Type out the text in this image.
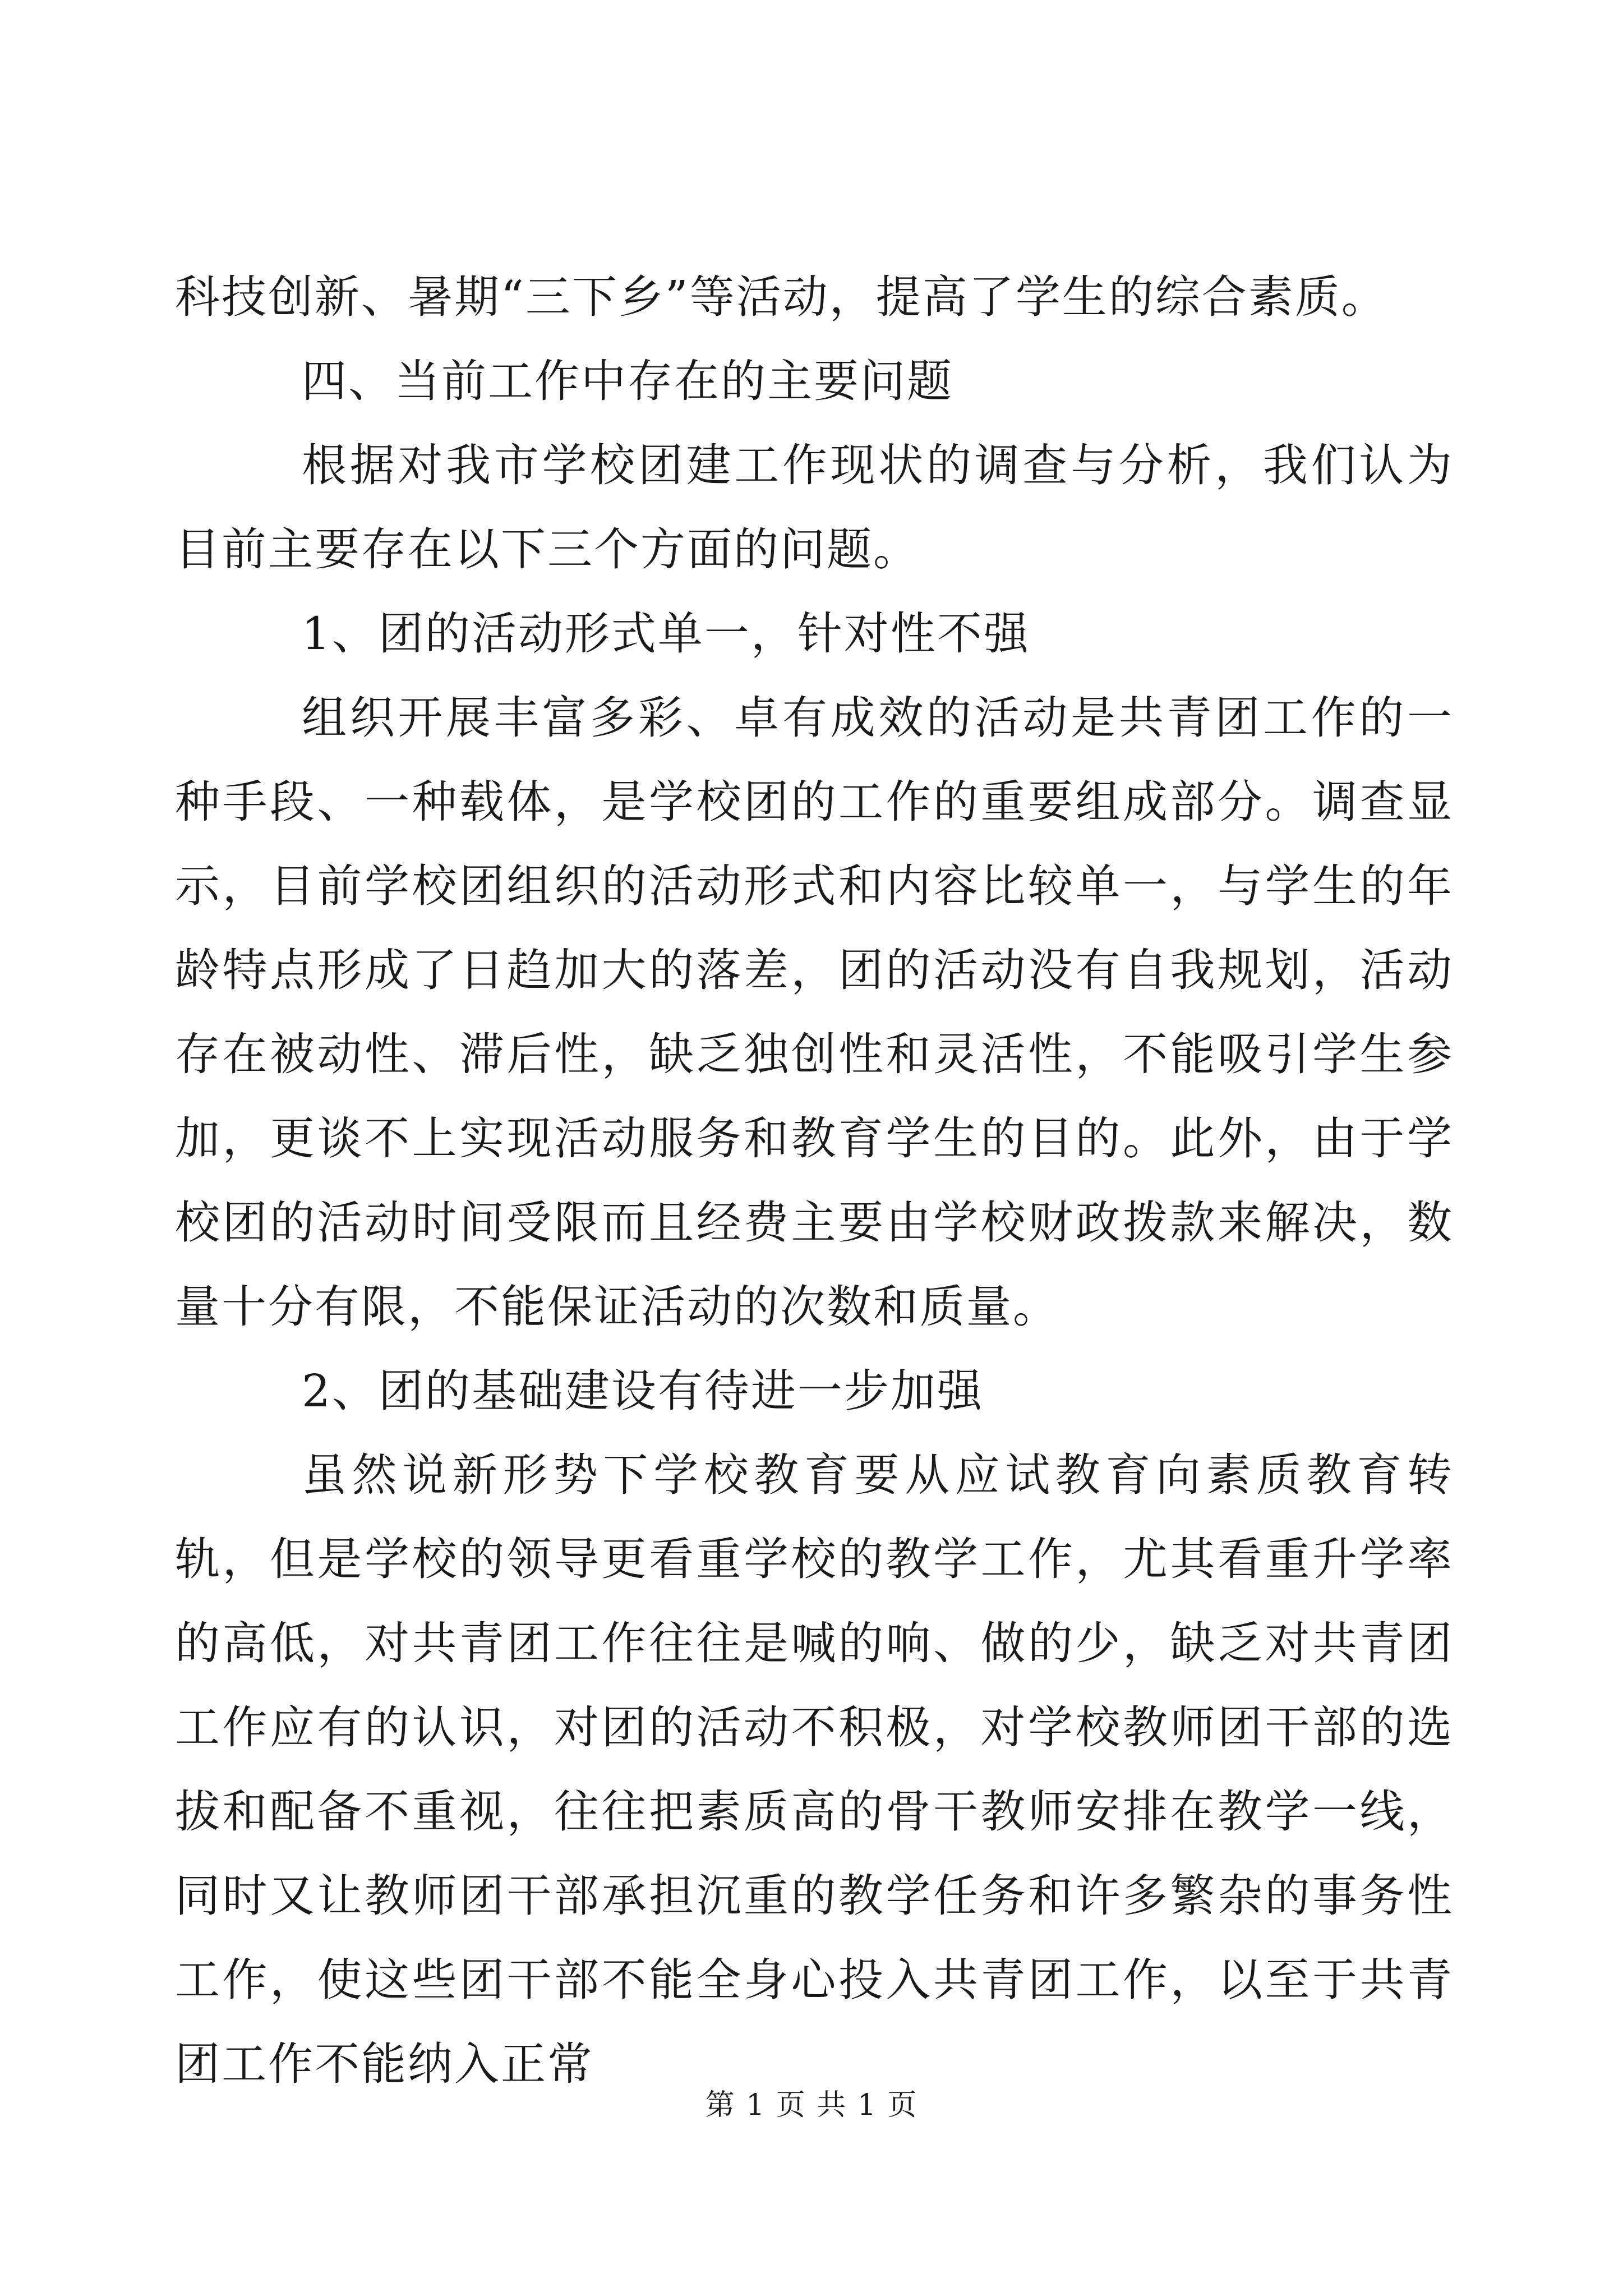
科技创新、暑期“三下乡”等活动，提高了学生的综合素质。

四、当前工作中存在的主要问题

根据对我市学校团建工作现状的调查与分析，我们认为目前主要存在以下三个方面的问题。

1、团的活动形式单一，针对性不强

组织开展丰富多彩、卓有成效的活动是共青团工作的一种手段、一种载体，是学校团的工作的重要组成部分。调查显示，目前学校团组织的活动形式和内容比较单一，与学生的年龄特点形成了日趋加大的落差，团的活动没有自我规划，活动存在被动性、滞后性，缺乏独创性和灵活性，不能吸引学生参加，更谈不上实现活动服务和教育学生的目的。此外，由于学校团的活动时间受限而且经费主要由学校财政拨款来解决，数量十分有限，不能保证活动的次数和质量。

2、团的基础建设有待进一步加强

虽然说新形势下学校教育要从应试教育向素质教育转轨，但是学校的领导更看重学校的教学工作，尤其看重升学率的高低，对共青团工作往往是喊的响、做的少，缺乏对共青团工作应有的认识，对团的活动不积极，对学校教师团干部的选拔和配备不重视，往往把素质高的骨干教师安排在教学一线，同时又让教师团干部承担沉重的教学任务和许多繁杂的事务性工作，使这些团干部不能全身心投入共青团工作，以至于共青团工作不能纳入正常

第 1 页 共 1 页
